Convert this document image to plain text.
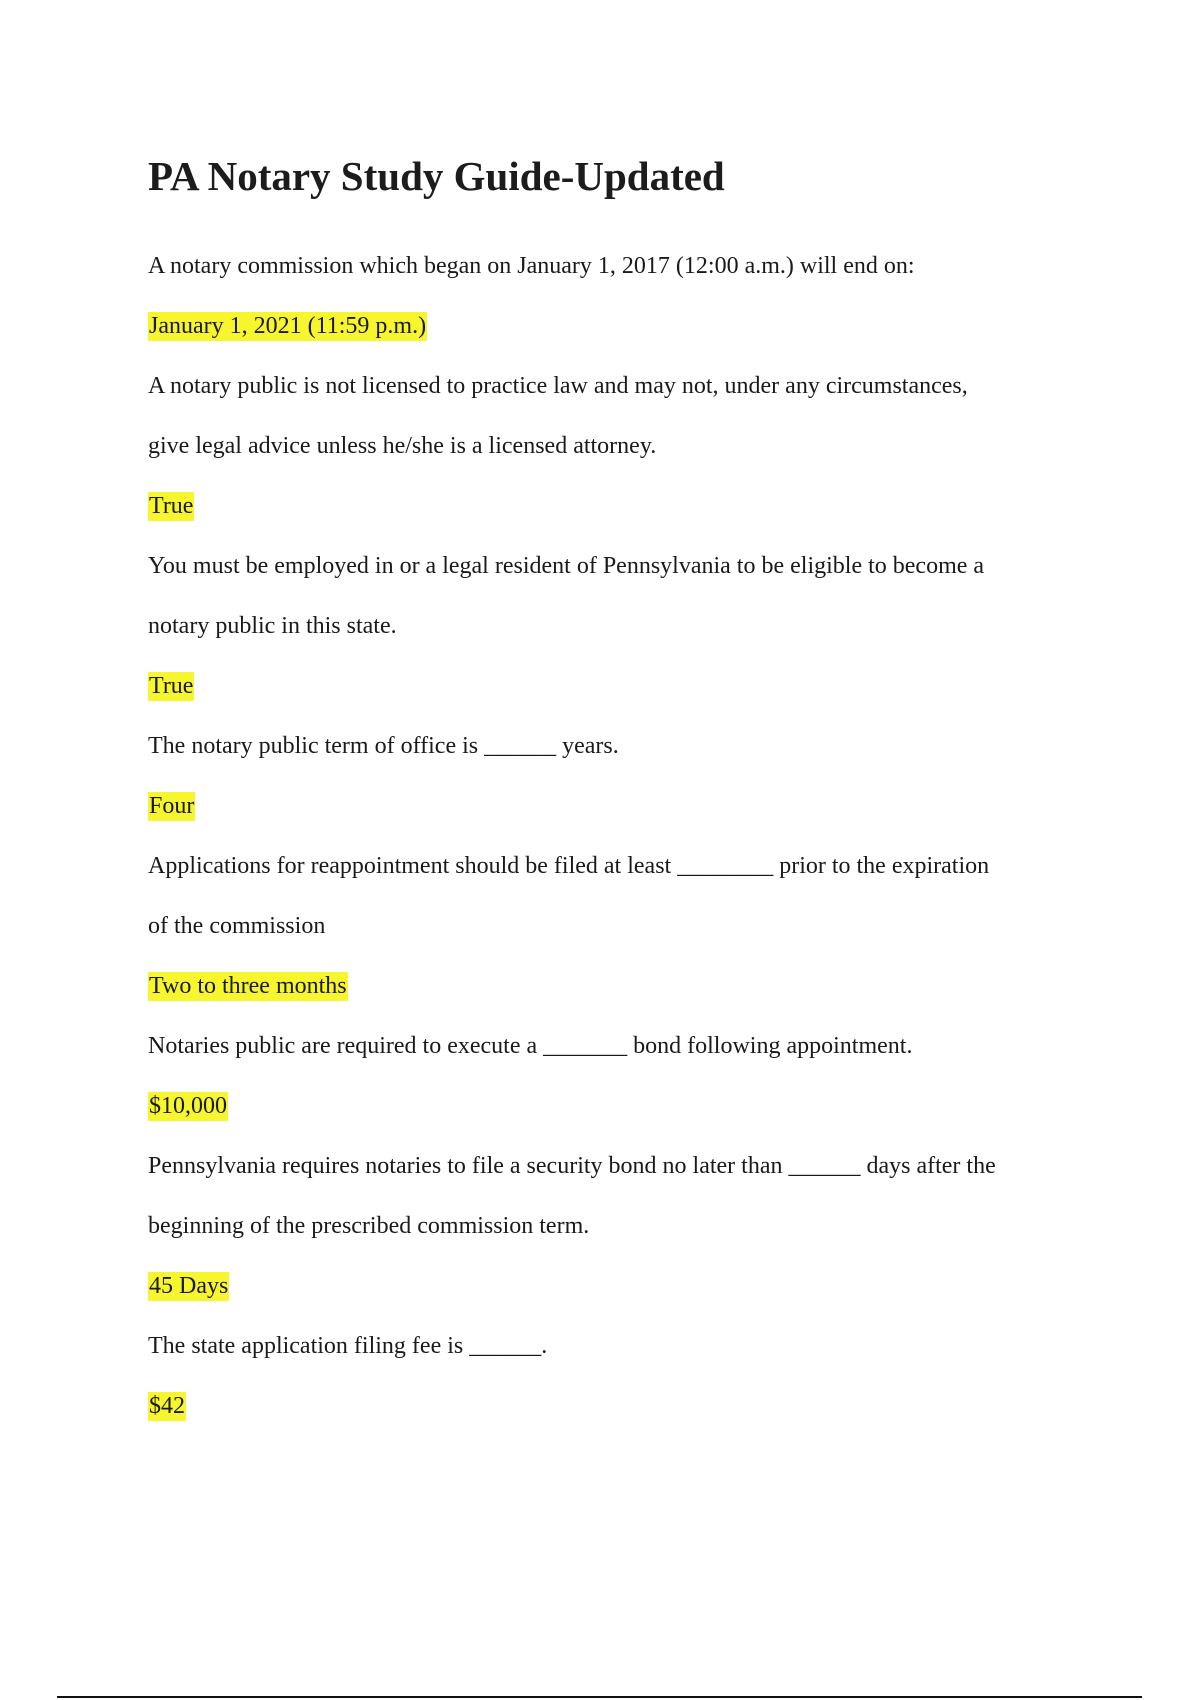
PA Notary Study Guide-Updated
A notary commission which began on January 1, 2017 (12:00 a.m.) will end on:
January 1, 2021 (11:59 p.m.)
A notary public is not licensed to practice law and may not, under any circumstances,
give legal advice unless he/she is a licensed attorney.
True
You must be employed in or a legal resident of Pennsylvania to be eligible to become a
notary public in this state.
True
The notary public term of office is ______ years.
Four
Applications for reappointment should be filed at least ________ prior to the expiration
of the commission
Two to three months
Notaries public are required to execute a _______ bond following appointment.
$10,000
Pennsylvania requires notaries to file a security bond no later than ______ days after the
beginning of the prescribed commission term.
45 Days
The state application filing fee is ______.
$42
